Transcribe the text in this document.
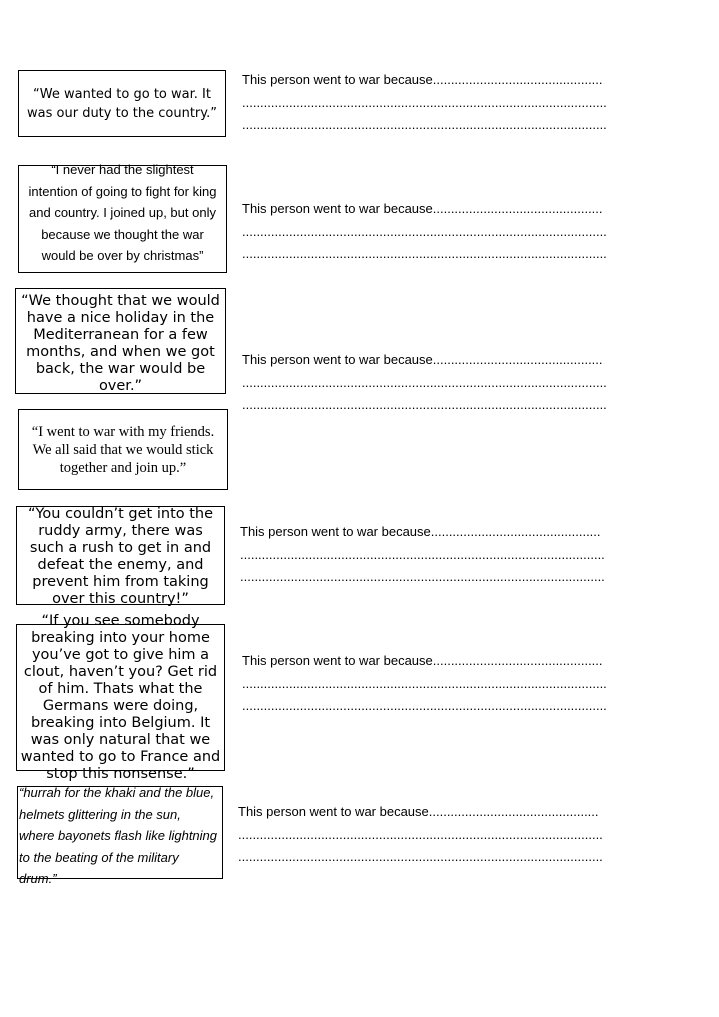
“We wanted to go to war. It was our duty to the country.”
This person went to war because...............................................
.....................................................................................................
.....................................................................................................
“I never had the slightest intention of going to fight for king and country. I joined up, but only because we thought the war would be over by christmas”
This person went to war because...............................................
.....................................................................................................
.....................................................................................................
“We thought that we would have a nice holiday in the Mediterranean for a few months, and when we got back, the war would be over.”
This person went to war because...............................................
.....................................................................................................
.....................................................................................................
“I went to war with my friends. We all said that we would stick together and join up.”
“You couldn’t get into the ruddy army, there was such a rush to get in and defeat the enemy, and prevent him from taking over this country!”
This person went to war because...............................................
.....................................................................................................
.....................................................................................................
“If you see somebody breaking into your home you’ve got to give him a clout, haven’t you? Get rid of him. Thats what the Germans were doing, breaking into Belgium. It was only natural that we wanted to go to France and stop this nonsense.”
This person went to war because...............................................
.....................................................................................................
.....................................................................................................
“hurrah for the khaki and the blue, helmets glittering in the sun, where bayonets flash like lightning to the beating of the military drum.”
This person went to war because...............................................
.....................................................................................................
.....................................................................................................
